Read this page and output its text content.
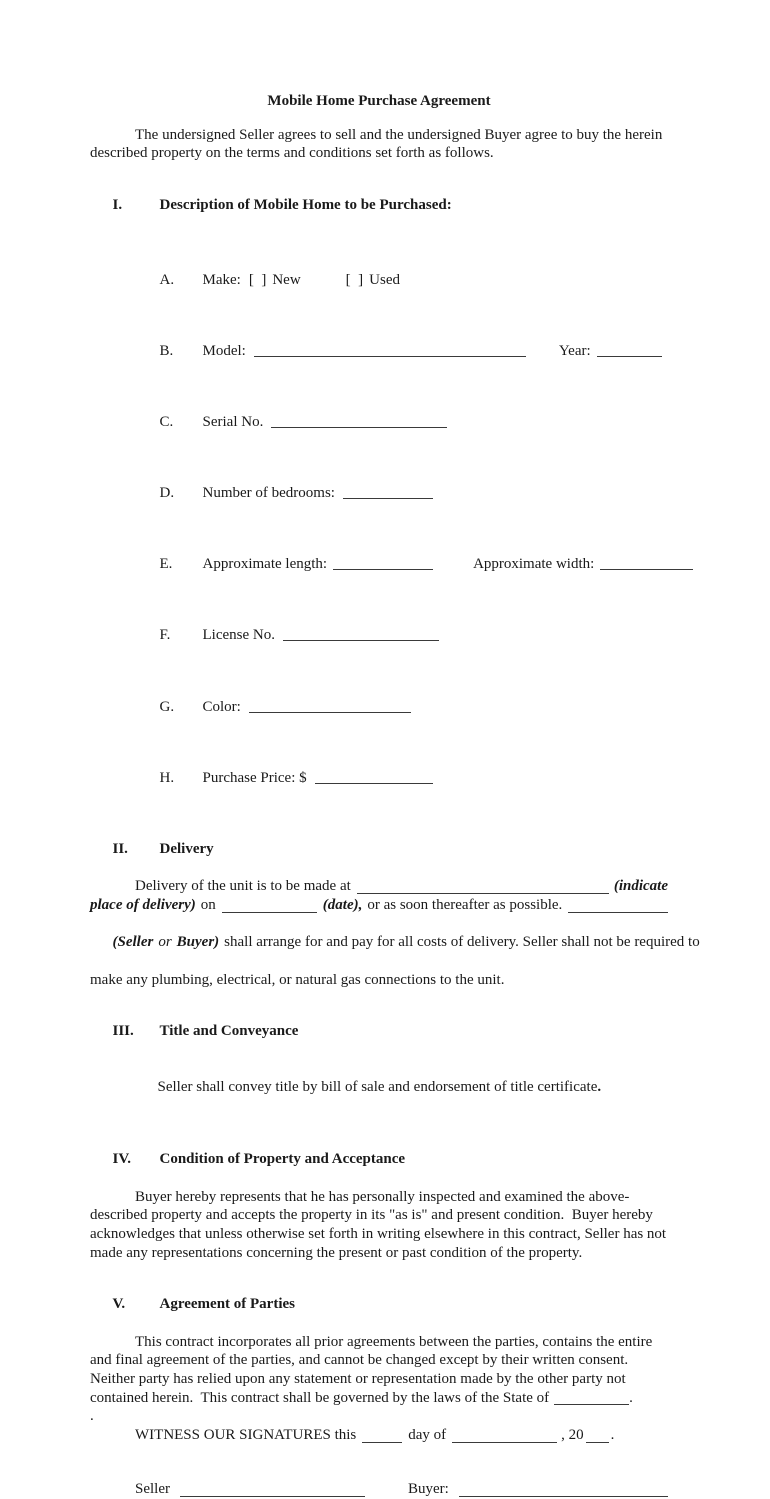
Mobile Home Purchase Agreement
The undersigned Seller agrees to sell and the undersigned Buyer agree to buy the herein
described property on the terms and conditions set forth as follows.

I. Description of Mobile Home to be Purchased:

A. Make: [  ] New	[  ] Used

B. Model:	Year:

C. Serial No.

D. Number of bedrooms:

E. Approximate length:	Approximate width:

F. License No.

G. Color:

H. Purchase Price: $

II. Delivery

Delivery of the unit is to be made at	(indicate
place of delivery) on	(date), or as soon thereafter as possible.

(Seller or Buyer) shall arrange for and pay for all costs of delivery. Seller shall not be required to

make any plumbing, electrical, or natural gas connections to the unit.

III. Title and Conveyance

Seller shall convey title by bill of sale and endorsement of title certificate.

IV. Condition of Property and Acceptance

Buyer hereby represents that he has personally inspected and examined the above-
described property and accepts the property in its "as is" and present condition.  Buyer hereby
acknowledges that unless otherwise set forth in writing elsewhere in this contract, Seller has not
made any representations concerning the present or past condition of the property.

V. Agreement of Parties

This contract incorporates all prior agreements between the parties, contains the entire
and final agreement of the parties, and cannot be changed except by their written consent.
Neither party has relied upon any statement or representation made by the other party not
contained herein.  This contract shall be governed by the laws of the State of	.
.
WITNESS OUR SIGNATURES this	day of	, 20 .
Seller	Buyer:
